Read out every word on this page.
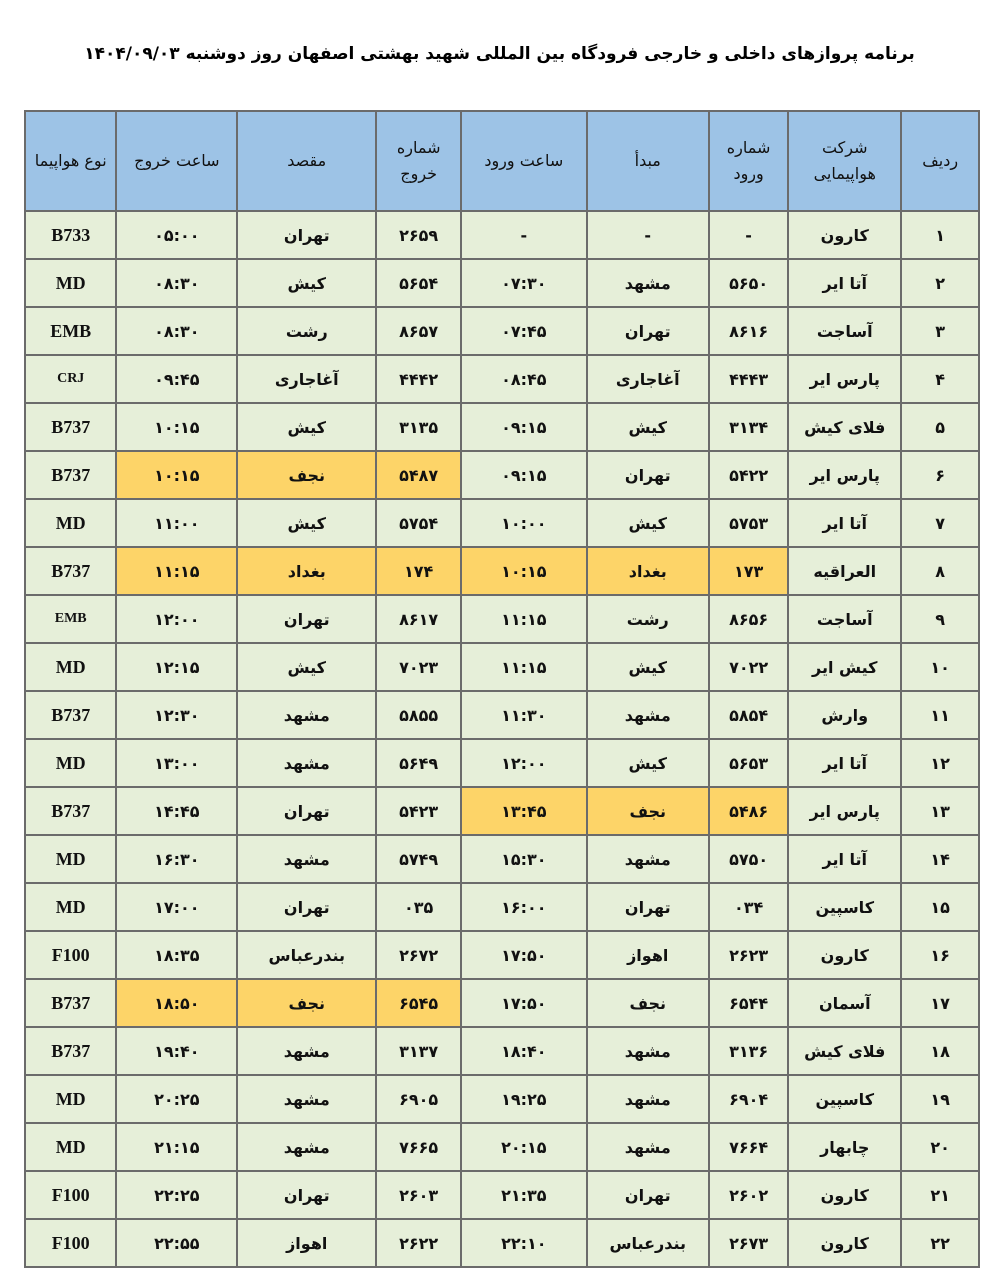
برنامه پروازهای داخلی و خارجی فرودگاه بین المللی شهید بهشتی اصفهان روز دوشنبه ۱۴۰۴/۰۹/۰۳
ردیف	شرکت هواپیمایی	شماره ورود	مبدأ	ساعت ورود	شماره خروج	مقصد	ساعت خروج	نوع هواپیما
۱	کارون	-	-	-	۲۶۵۹	تهران	۰۵:۰۰	B733
۲	آتا ایر	۵۶۵۰	مشهد	۰۷:۳۰	۵۶۵۴	کیش	۰۸:۳۰	MD
۳	آساجت	۸۶۱۶	تهران	۰۷:۴۵	۸۶۵۷	رشت	۰۸:۳۰	EMB
۴	پارس ایر	۴۴۴۳	آغاجاری	۰۸:۴۵	۴۴۴۲	آغاجاری	۰۹:۴۵	CRJ
۵	فلای کیش	۳۱۳۴	کیش	۰۹:۱۵	۳۱۳۵	کیش	۱۰:۱۵	B737
۶	پارس ایر	۵۴۲۲	تهران	۰۹:۱۵	۵۴۸۷	نجف	۱۰:۱۵	B737
۷	آتا ایر	۵۷۵۳	کیش	۱۰:۰۰	۵۷۵۴	کیش	۱۱:۰۰	MD
۸	العراقیه	۱۷۳	بغداد	۱۰:۱۵	۱۷۴	بغداد	۱۱:۱۵	B737
۹	آساجت	۸۶۵۶	رشت	۱۱:۱۵	۸۶۱۷	تهران	۱۲:۰۰	EMB
۱۰	کیش ایر	۷۰۲۲	کیش	۱۱:۱۵	۷۰۲۳	کیش	۱۲:۱۵	MD
۱۱	وارش	۵۸۵۴	مشهد	۱۱:۳۰	۵۸۵۵	مشهد	۱۲:۳۰	B737
۱۲	آتا ایر	۵۶۵۳	کیش	۱۲:۰۰	۵۶۴۹	مشهد	۱۳:۰۰	MD
۱۳	پارس ایر	۵۴۸۶	نجف	۱۳:۴۵	۵۴۲۳	تهران	۱۴:۴۵	B737
۱۴	آتا ایر	۵۷۵۰	مشهد	۱۵:۳۰	۵۷۴۹	مشهد	۱۶:۳۰	MD
۱۵	کاسپین	۰۳۴	تهران	۱۶:۰۰	۰۳۵	تهران	۱۷:۰۰	MD
۱۶	کارون	۲۶۲۳	اهواز	۱۷:۵۰	۲۶۷۲	بندرعباس	۱۸:۳۵	F100
۱۷	آسمان	۶۵۴۴	نجف	۱۷:۵۰	۶۵۴۵	نجف	۱۸:۵۰	B737
۱۸	فلای کیش	۳۱۳۶	مشهد	۱۸:۴۰	۳۱۳۷	مشهد	۱۹:۴۰	B737
۱۹	کاسپین	۶۹۰۴	مشهد	۱۹:۲۵	۶۹۰۵	مشهد	۲۰:۲۵	MD
۲۰	چابهار	۷۶۶۴	مشهد	۲۰:۱۵	۷۶۶۵	مشهد	۲۱:۱۵	MD
۲۱	کارون	۲۶۰۲	تهران	۲۱:۳۵	۲۶۰۳	تهران	۲۲:۲۵	F100
۲۲	کارون	۲۶۷۳	بندرعباس	۲۲:۱۰	۲۶۲۲	اهواز	۲۲:۵۵	F100
